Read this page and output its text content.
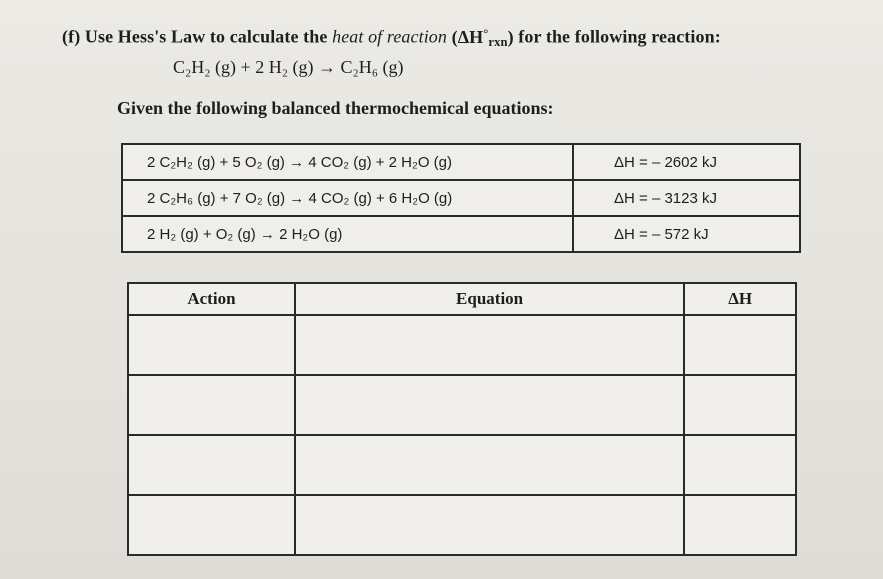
(f) Use Hess's Law to calculate the heat of reaction $(\Delta H^\circ_{rxn})$ for the following reaction:
C₂H₂ (g) + 2 H₂ (g) → C₂H₆ (g)
Given the following balanced thermochemical equations:
2 C₂H₂ (g) + 5 O₂ (g) → 4 CO₂ (g) + 2 H₂O (g)	ΔH = – 2602 kJ
2 C₂H₆ (g) + 7 O₂ (g) → 4 CO₂ (g) + 6 H₂O (g)	ΔH = – 3123 kJ
2 H₂ (g) + O₂ (g) → 2 H₂O (g)	ΔH = – 572 kJ
Action	Equation	ΔH
